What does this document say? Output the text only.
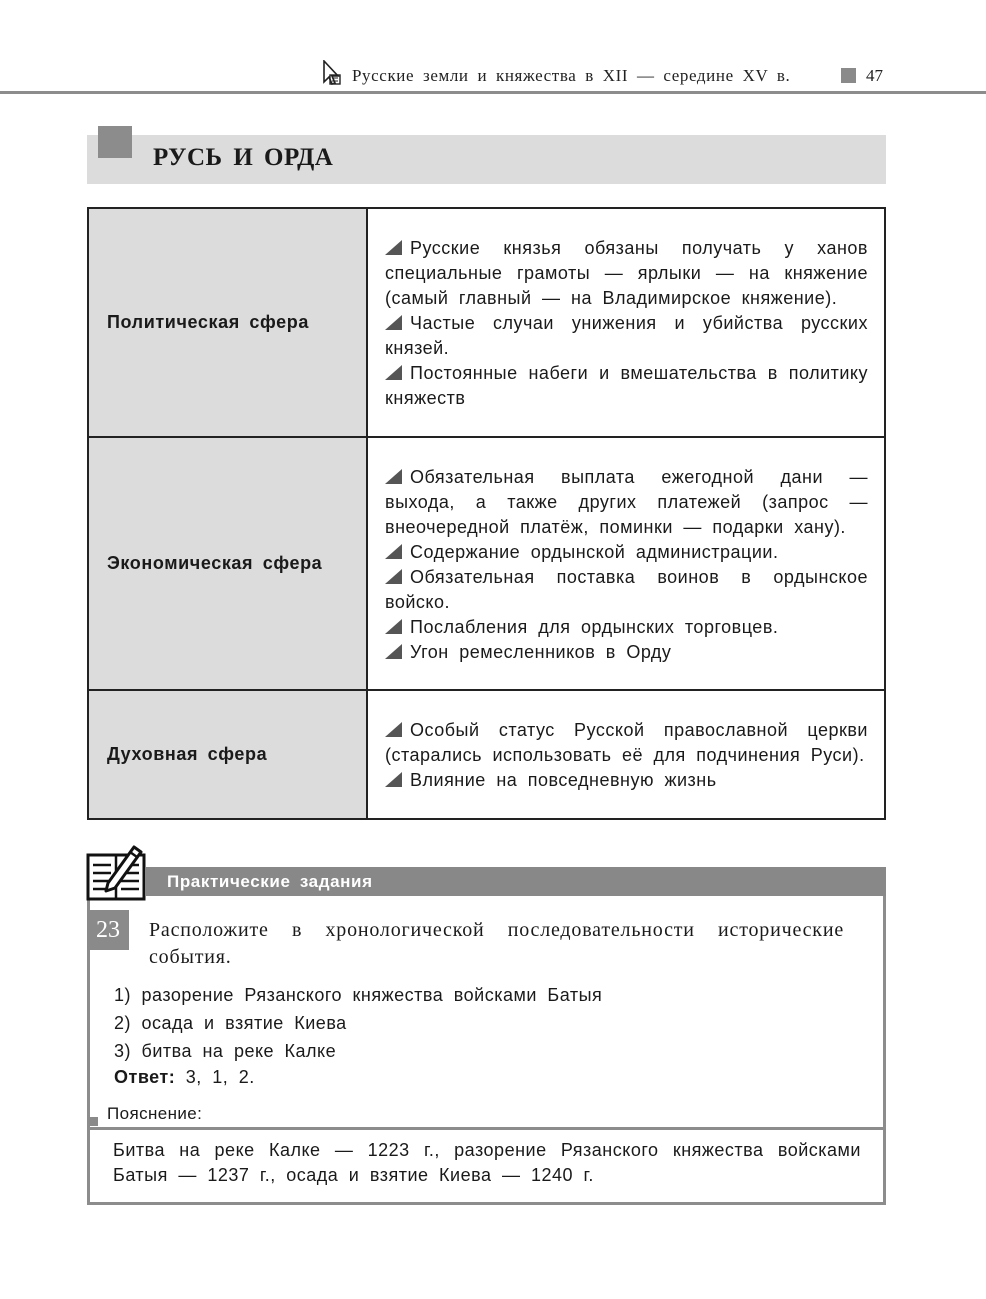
Русские земли и княжества в XII — середине XV в.	47
РУСЬ И ОРДА
Политическая сфера	Русские князья обязаны получать у ханов специальные грамоты — ярлыки — на княжение (самый главный — на Владимирское княжение).
Частые случаи унижения и убийства русских князей.
Постоянные набеги и вмешательства в политику княжеств

Экономическая сфера	Обязательная выплата ежегодной дани — выхода, а также других платежей (запрос — внеочередной платёж, поминки — подарки хану).
Содержание ордынской администрации.
Обязательная поставка воинов в ордынское войско.
Послабления для ордынских торговцев.
Угон ремесленников в Орду

Духовная сфера	Особый статус Русской православной церкви (старались использовать её для подчинения Руси).
Влияние на повседневную жизнь
Практические задания
23	Расположите в хронологической последовательности исторические события.

1) разорение Рязанского княжества войсками Батыя
2) осада и взятие Киева
3) битва на реке Калке
Ответ: 3, 1, 2.
Пояснение:

Битва на реке Калке — 1223 г., разорение Рязанского княжества войсками Батыя — 1237 г., осада и взятие Киева — 1240 г.
